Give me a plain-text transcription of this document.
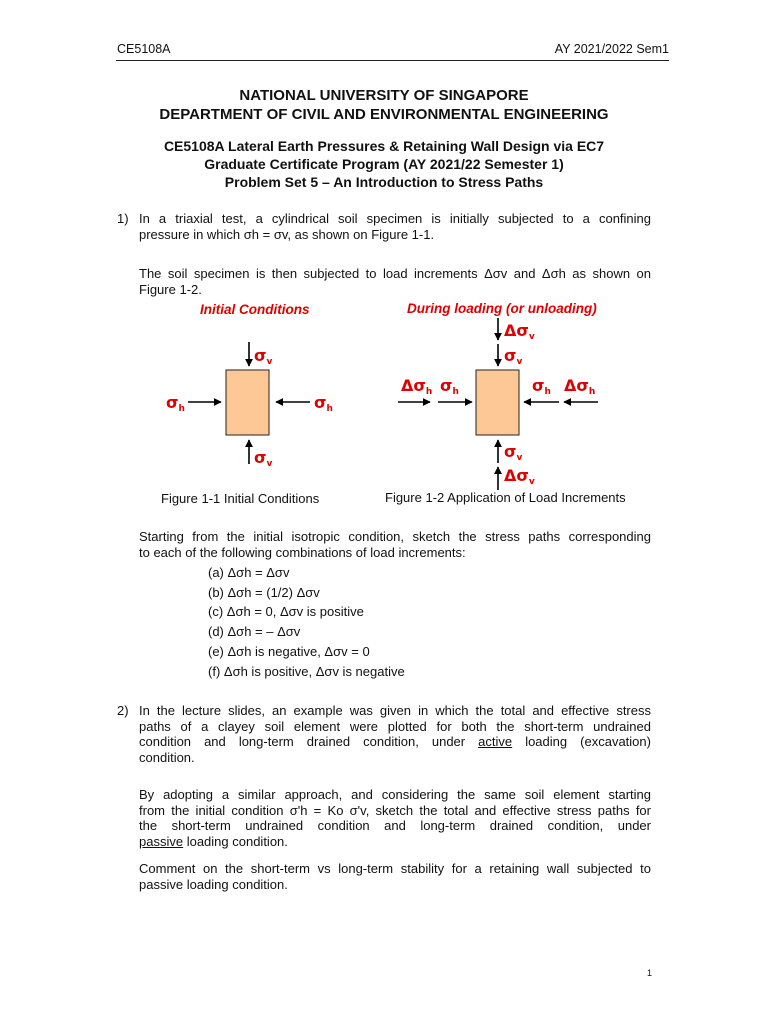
CE5108A	AY 2021/2022 Sem1
NATIONAL UNIVERSITY OF SINGAPORE
DEPARTMENT OF CIVIL AND ENVIRONMENTAL ENGINEERING
CE5108A Lateral Earth Pressures & Retaining Wall Design via EC7
Graduate Certificate Program (AY 2021/22 Semester 1)
Problem Set 5 – An Introduction to Stress Paths
1) In a triaxial test, a cylindrical soil specimen is initially subjected to a confining
pressure in which σh = σv, as shown on Figure 1-1.
The soil specimen is then subjected to load increments Δσv and Δσh as shown on
Figure 1-2.
Initial Conditions	During loading (or unloading)
σv
σv
σh	σh
Δσv
σv
σv
Δσv
Δσh σh	σh Δσh
Figure 1-1 Initial Conditions	Figure 1-2 Application of Load Increments
Starting from the initial isotropic condition, sketch the stress paths corresponding
to each of the following combinations of load increments:
(a) Δσh = Δσv
(b) Δσh = (1/2) Δσv
(c) Δσh = 0, Δσv is positive
(d) Δσh = – Δσv
(e) Δσh is negative, Δσv = 0
(f) Δσh is positive, Δσv is negative
2) In the lecture slides, an example was given in which the total and effective stress
paths of a clayey soil element were plotted for both the short-term undrained
condition and long-term drained condition, under active loading (excavation)
condition.
By adopting a similar approach, and considering the same soil element starting
from the initial condition σ'h = Ko σ'v, sketch the total and effective stress paths for
the short-term undrained condition and long-term drained condition, under
passive loading condition.
Comment on the short-term vs long-term stability for a retaining wall subjected to
passive loading condition.
1
